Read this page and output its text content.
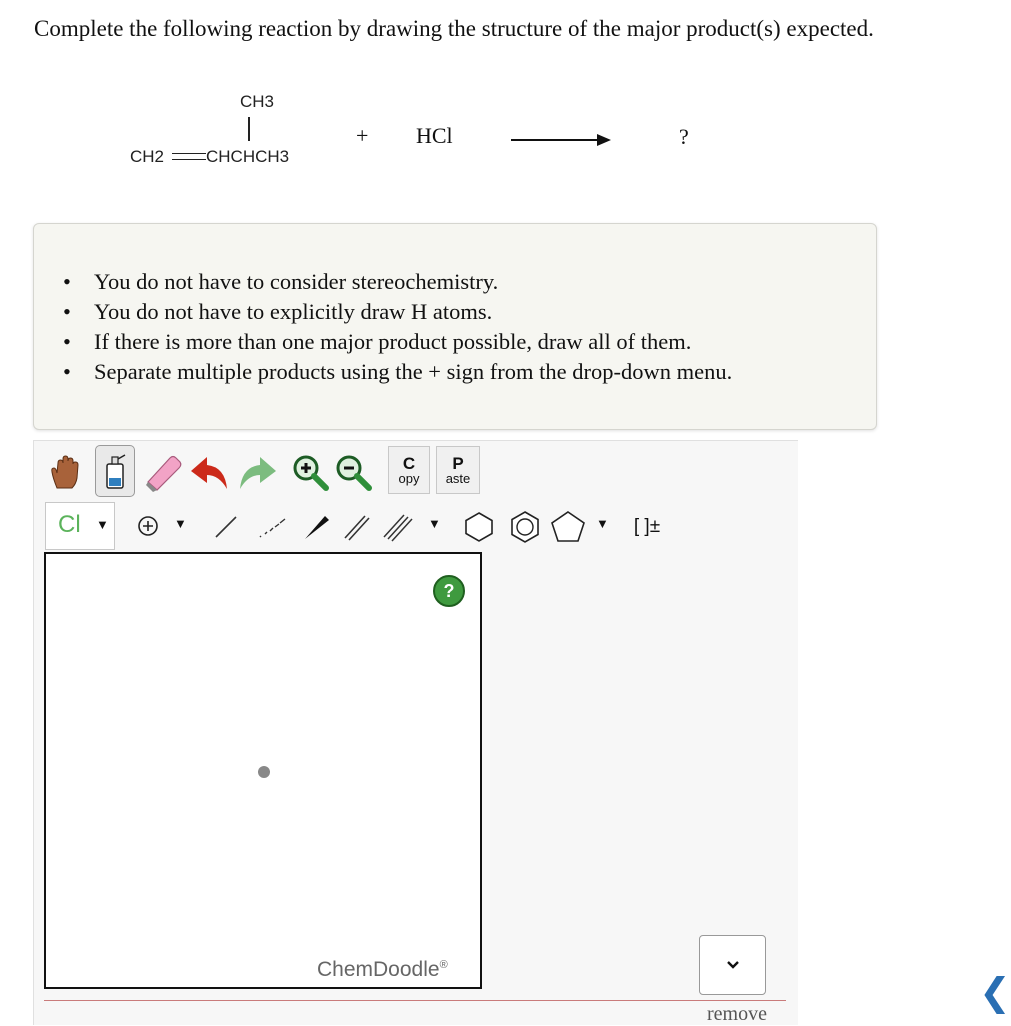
Complete the following reaction by drawing the structure of the major product(s) expected.
CH3
CH2 CHCHCH3
+ HCl	?
• You do not have to consider stereochemistry.
• You do not have to explicitly draw H atoms.
• If there is more than one major product possible, draw all of them.
• Separate multiple products using the + sign from the drop-down menu.
C
opy
P
aste
Cl ▼	▼	▼	▼ [ ]±
?
ChemDoodle®
remove	❮
